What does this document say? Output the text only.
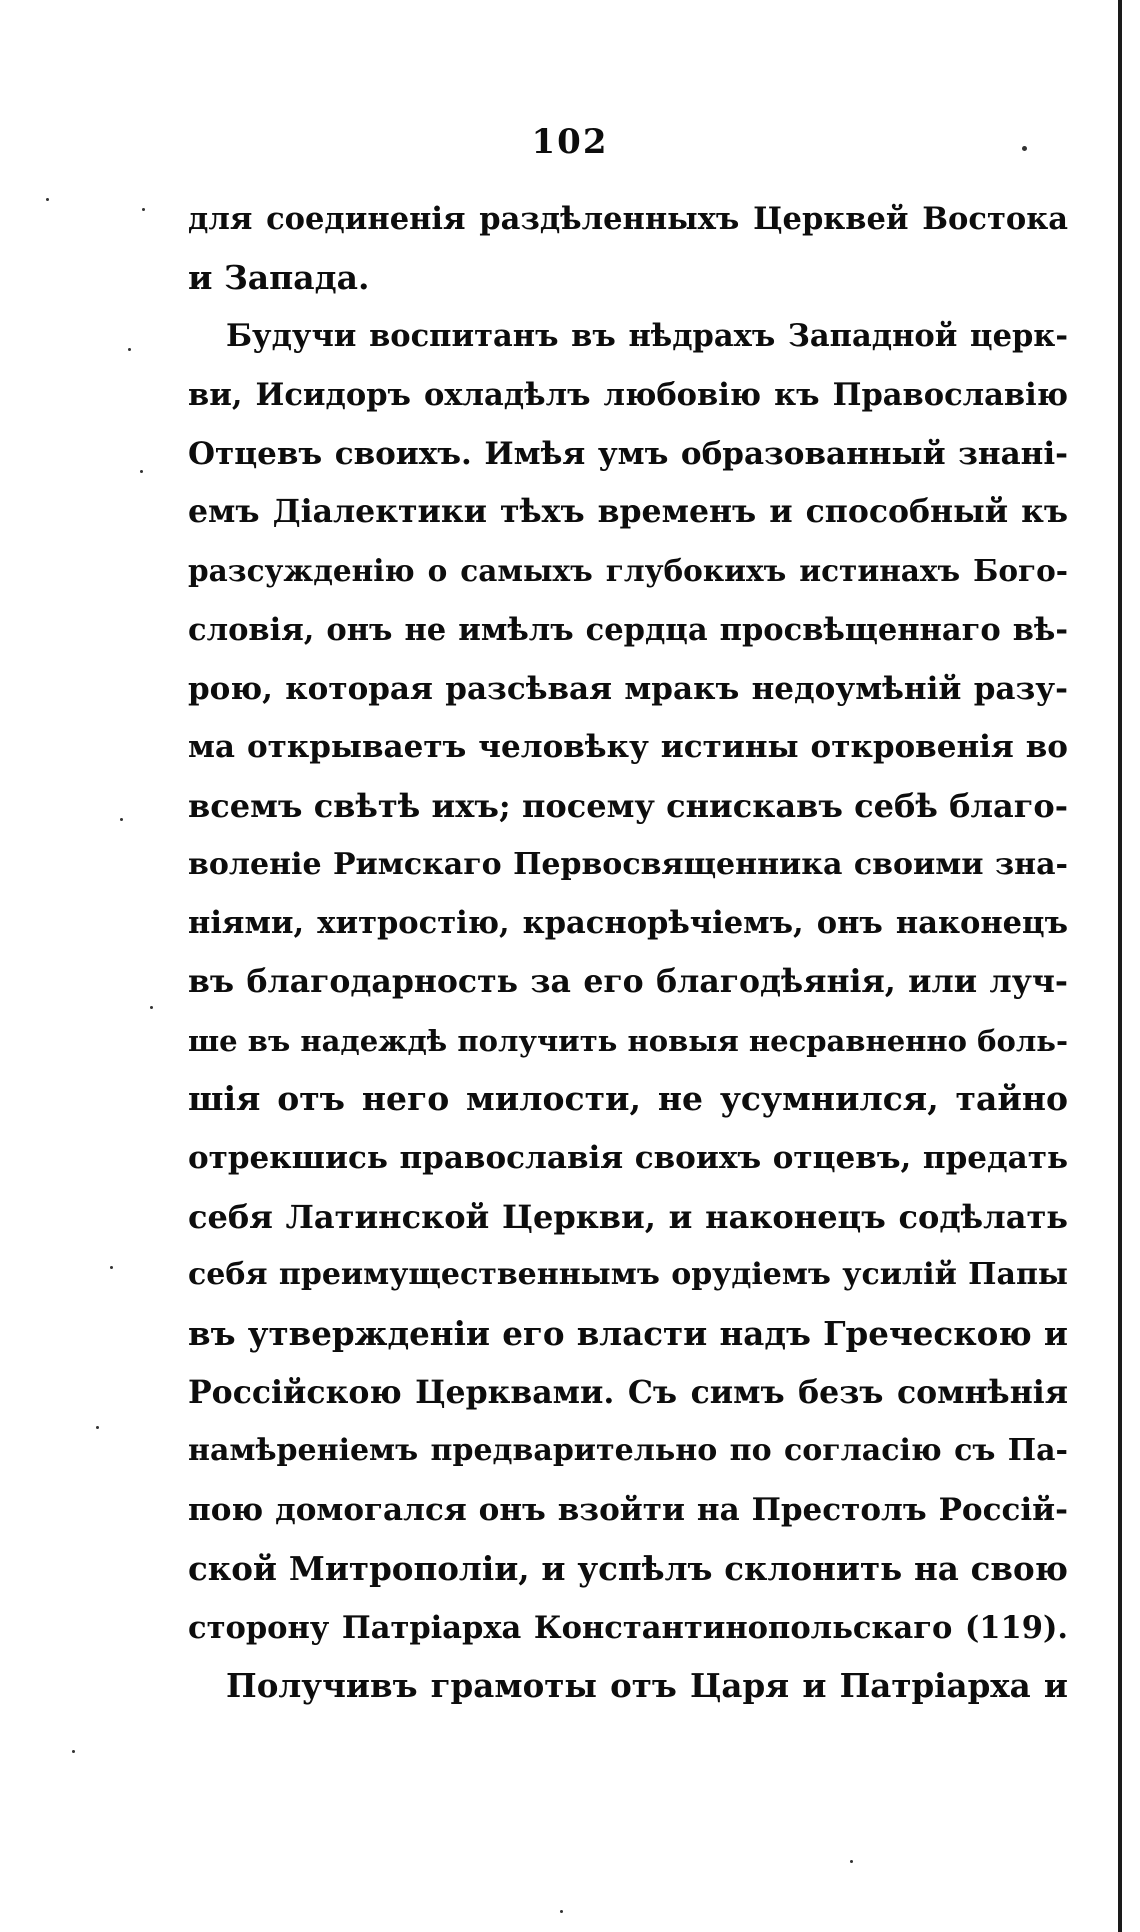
102
для соединенія раздѣленныхъ Церквей Востока
и Запада.
Будучи воспитанъ въ нѣдрахъ Западной церк-
ви, Исидоръ охладѣлъ любовію къ Православію
Отцевъ своихъ. Имѣя умъ образованный знані-
емъ Діалектики тѣхъ временъ и способный къ
разсужденію о самыхъ глубокихъ истинахъ Бого-
словія, онъ не имѣлъ сердца просвѣщеннаго вѣ-
рою, которая разсѣвая мракъ недоумѣній разу-
ма открываетъ человѣку истины откровенія во
всемъ свѣтѣ ихъ; посему снискавъ себѣ благо-
воленіе Римскаго Первосвященника своими зна-
ніями, хитростію, краснорѣчіемъ, онъ наконецъ
въ благодарность за его благодѣянія, или луч-
ше въ надеждѣ получить новыя несравненно боль-
шія отъ него милости, не усумнился, тайно
отрекшись православія своихъ отцевъ, предать
себя Латинской Церкви, и наконецъ содѣлать
себя преимущественнымъ орудіемъ усилій Папы
въ утвержденіи его власти надъ Греческою и
Россійскою Церквами. Съ симъ безъ сомнѣнія
намѣреніемъ предварительно по согласію съ Па-
пою домогался онъ взойти на Престолъ Россій-
ской Митрополіи, и успѣлъ склонить на свою
сторону Патріарха Константинопольскаго (119).
Получивъ грамоты отъ Царя и Патріарха и
